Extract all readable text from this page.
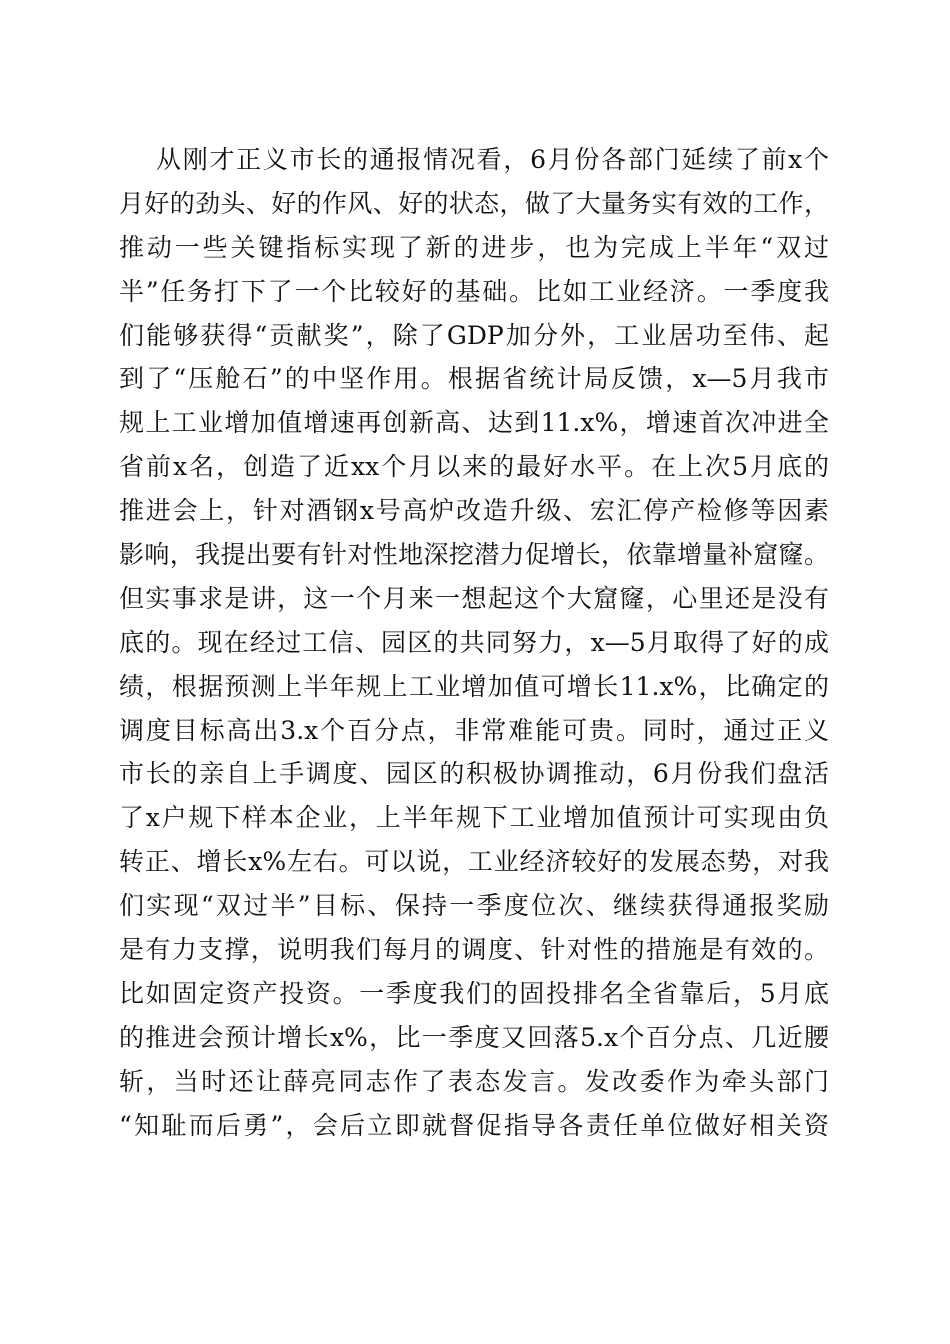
从刚才正义市长的通报情况看，6月份各部门延续了前x个
月好的劲头、好的作风、好的状态，做了大量务实有效的工作，
推动一些关键指标实现了新的进步，也为完成上半年“双过
半”任务打下了一个比较好的基础。比如工业经济。一季度我
们能够获得“贡献奖”，除了GDP加分外，工业居功至伟、起
到了“压舱石”的中坚作用。根据省统计局反馈，x—5月我市
规上工业增加值增速再创新高、达到11.x%，增速首次冲进全
省前x名，创造了近xx个月以来的最好水平。在上次5月底的
推进会上，针对酒钢x号高炉改造升级、宏汇停产检修等因素
影响，我提出要有针对性地深挖潜力促增长，依靠增量补窟窿。
但实事求是讲，这一个月来一想起这个大窟窿，心里还是没有
底的。现在经过工信、园区的共同努力，x—5月取得了好的成
绩，根据预测上半年规上工业增加值可增长11.x%，比确定的
调度目标高出3.x个百分点，非常难能可贵。同时，通过正义
市长的亲自上手调度、园区的积极协调推动，6月份我们盘活
了x户规下样本企业，上半年规下工业增加值预计可实现由负
转正、增长x%左右。可以说，工业经济较好的发展态势，对我
们实现“双过半”目标、保持一季度位次、继续获得通报奖励
是有力支撑，说明我们每月的调度、针对性的措施是有效的。
比如固定资产投资。一季度我们的固投排名全省靠后，5月底
的推进会预计增长x%，比一季度又回落5.x个百分点、几近腰
斩，当时还让薛亮同志作了表态发言。发改委作为牵头部门
“知耻而后勇”，会后立即就督促指导各责任单位做好相关资
